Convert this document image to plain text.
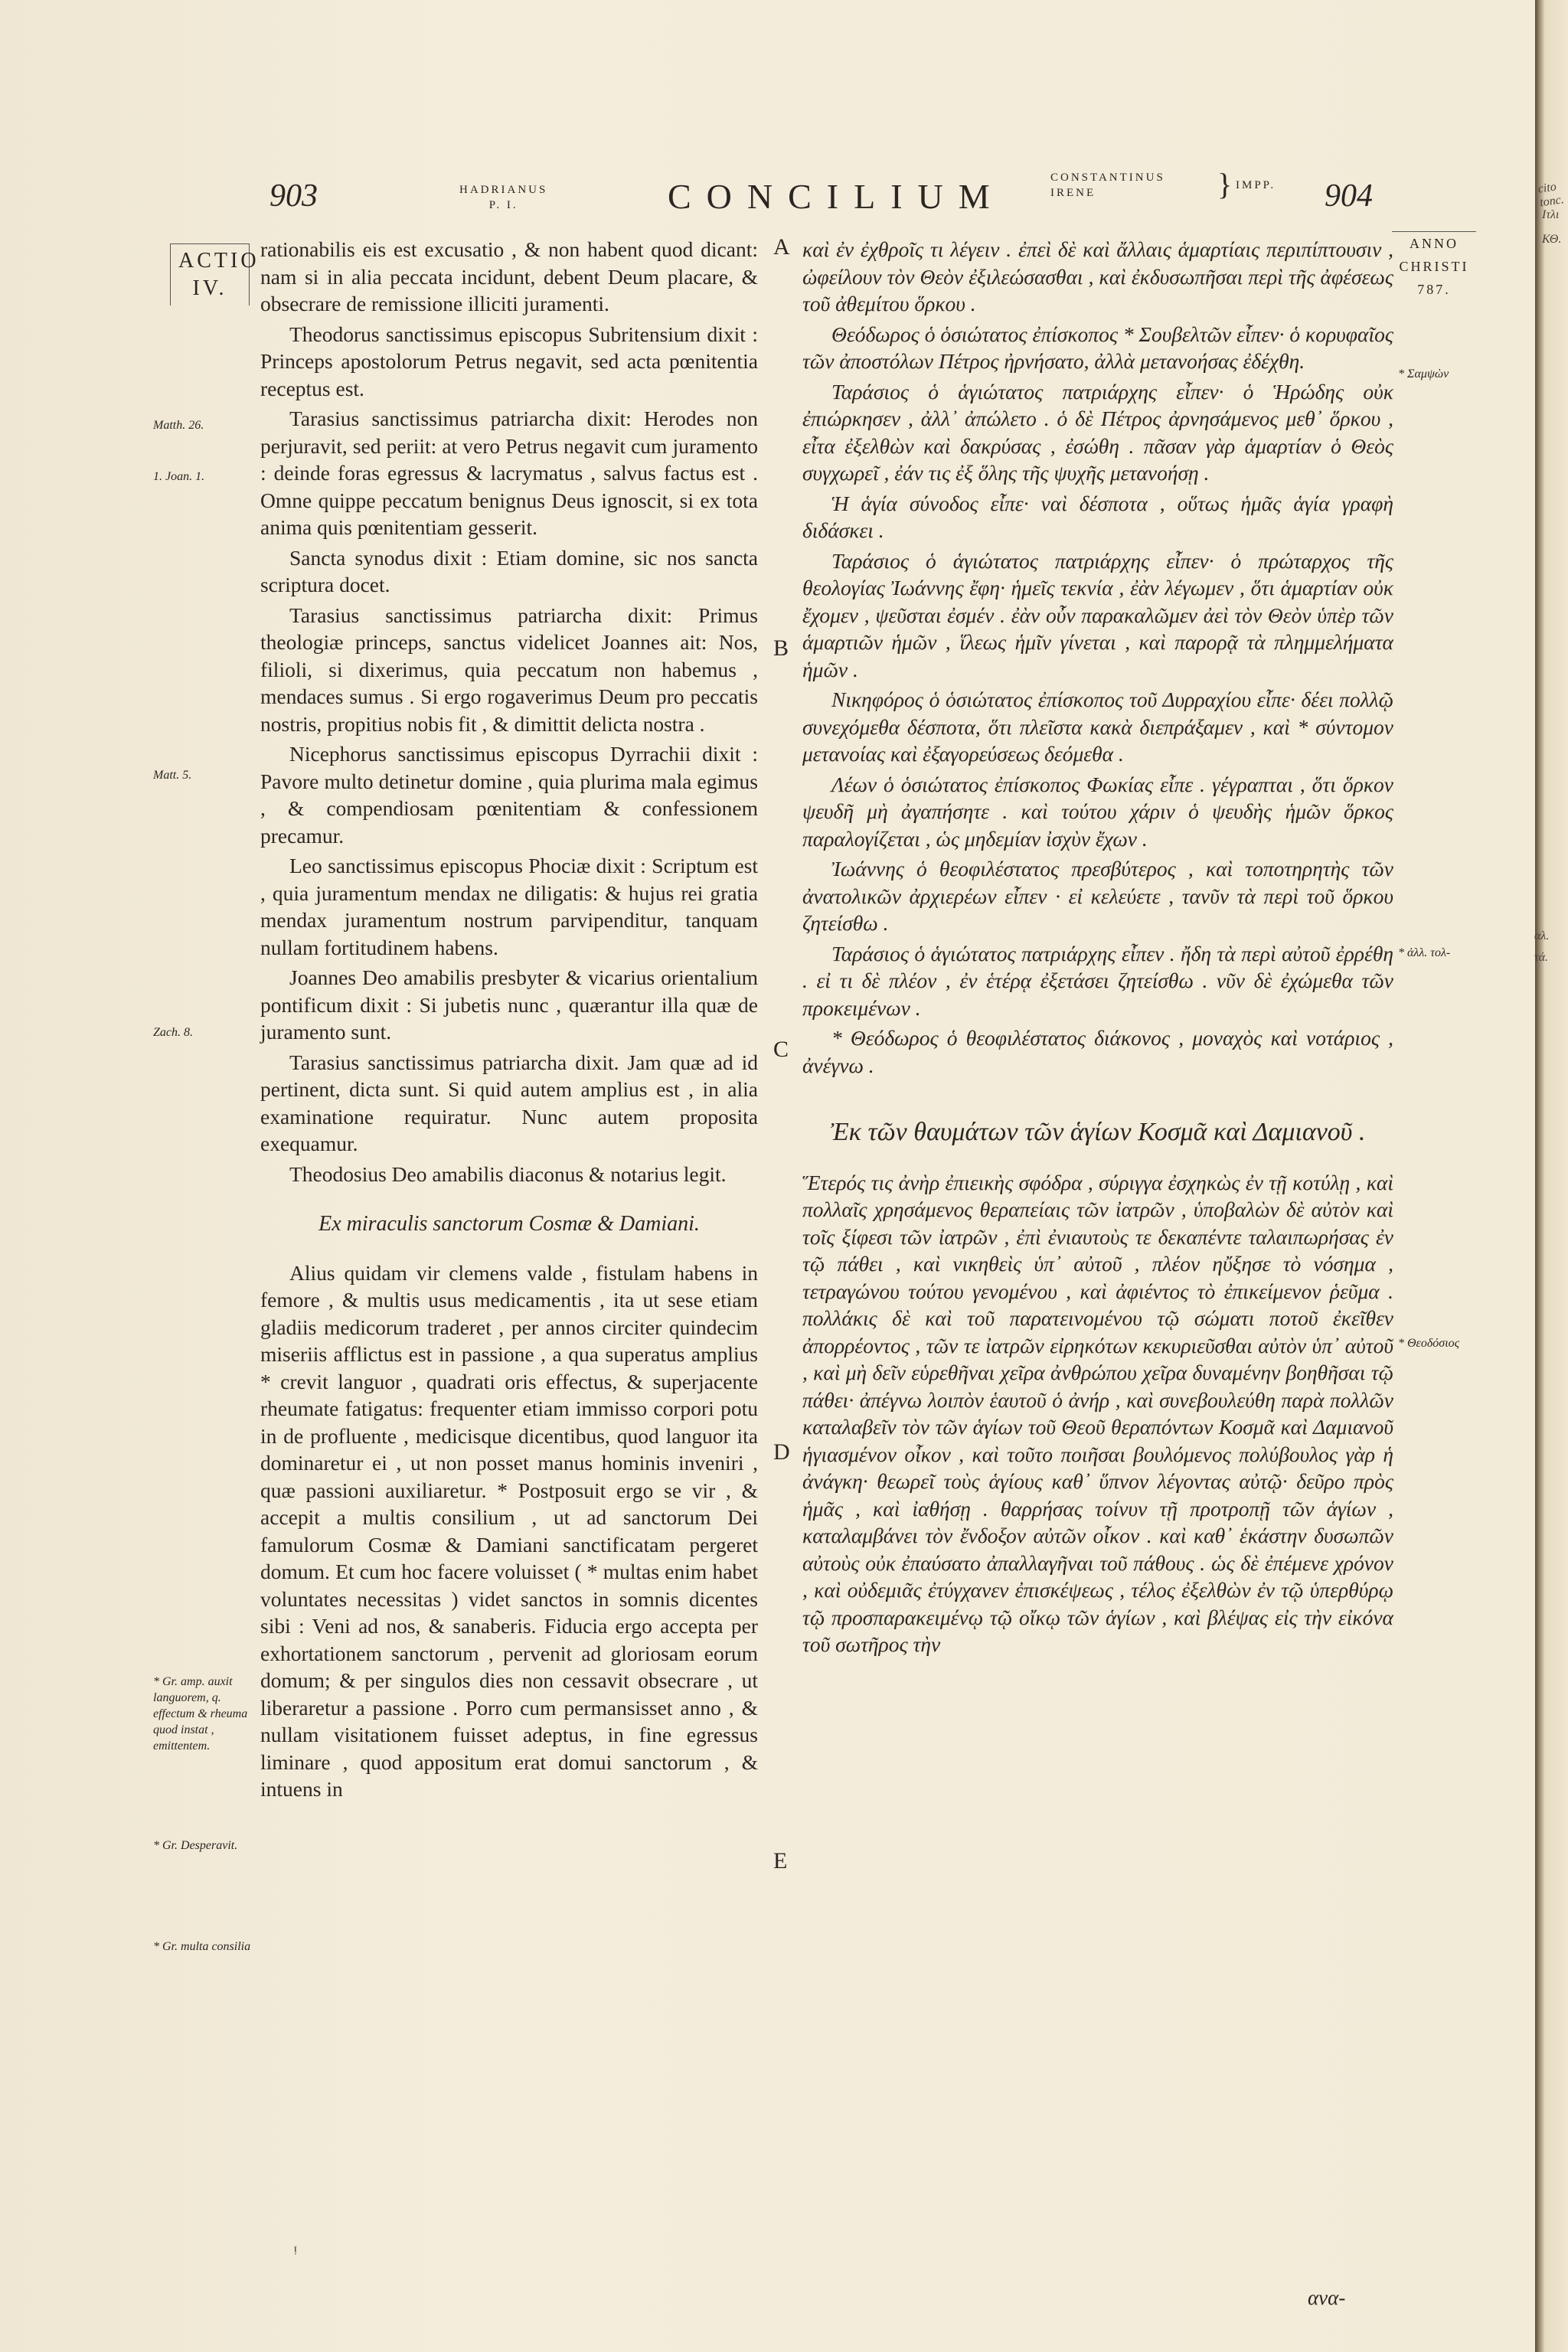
cito tonc.
Ιτλι
ΚΘ.
αλ.
τά.
903	HADRIANUS
P. I.	CONCILIUM	CONSTANTINUS
IRENE	} IMPP. 904
ACTIO
IV.
ANNO
CHRISTI
787.

rationabilis eis est excusatio , & non habent quod dicant: nam si in alia peccata incidunt, debent Deum placare, & obsecrare de remissione illiciti juramenti.

Theodorus sanctissimus episcopus Subritensium dixit : Princeps apostolorum Petrus negavit, sed acta pœnitentia receptus est.

Tarasius sanctissimus patriarcha dixit: Herodes non perjuravit, sed periit: at vero Petrus negavit cum juramento : deinde foras egressus & lacrymatus , salvus factus est . Omne quippe peccatum benignus Deus ignoscit, si ex tota anima quis pœnitentiam gesserit.

Sancta synodus dixit : Etiam domine, sic nos sancta scriptura docet.

Tarasius sanctissimus patriarcha dixit: Primus theologiæ princeps, sanctus videlicet Joannes ait: Nos, filioli, si dixerimus, quia peccatum non habemus , mendaces sumus . Si ergo rogaverimus Deum pro peccatis nostris, propitius nobis fit , & dimittit delicta nostra .

Nicephorus sanctissimus episcopus Dyrrachii dixit : Pavore multo detinetur domine , quia plurima mala egimus , & compendiosam pœnitentiam & confessionem precamur.

Leo sanctissimus episcopus Phociæ dixit : Scriptum est , quia juramentum mendax ne diligatis: & hujus rei gratia mendax juramentum nostrum parvipenditur, tanquam nullam fortitudinem habens.

Joannes Deo amabilis presbyter & vicarius orientalium pontificum dixit : Si jubetis nunc , quærantur illa quæ de juramento sunt.

Tarasius sanctissimus patriarcha dixit. Jam quæ ad id pertinent, dicta sunt. Si quid autem amplius est , in alia examinatione requiratur. Nunc autem proposita exequamur.

Theodosius Deo amabilis diaconus & notarius legit.

Ex miraculis sanctorum Cosmæ & Damiani.

Alius quidam vir clemens valde , fistulam habens in femore , & multis usus medicamentis , ita ut sese etiam gladiis medicorum traderet , per annos circiter quindecim miseriis afflictus est in passione , a qua superatus amplius * crevit languor , quadrati oris effectus, & superjacente rheumate fatigatus: frequenter etiam immisso corpori potu in de profluente , medicisque dicentibus, quod languor ita dominaretur ei , ut non posset manus hominis inveniri , quæ passioni auxiliaretur. * Postposuit ergo se vir , & accepit a multis consilium , ut ad sanctorum Dei famulorum Cosmæ & Damiani sanctificatam pergeret domum. Et cum hoc facere voluisset ( * multas enim habet voluntates necessitas ) videt sanctos in somnis dicentes sibi : Veni ad nos, & sanaberis. Fiducia ergo accepta per exhortationem sanctorum , pervenit ad gloriosam eorum domum; & per singulos dies non cessavit obsecrare , ut liberaretur a passione . Porro cum permansisset anno , & nullam visitationem fuisset adeptus, in fine egressus liminare , quod appositum erat domui sanctorum , & intuens in

καὶ ἐν ἐχθροῖς τι λέγειν . ἐπεὶ δὲ καὶ ἄλλαις ἁμαρτίαις περιπίπτουσιν , ὠφείλουν τὸν Θεὸν ἐξιλεώσασθαι , καὶ ἐκδυσωπῆσαι περὶ τῆς ἀφέσεως τοῦ ἀθεμίτου ὅρκου .

Θεόδωρος ὁ ὁσιώτατος ἐπίσκοπος * Σουβελτῶν εἶπεν· ὁ κορυφαῖος τῶν ἀποστόλων Πέτρος ἠρνήσατο, ἀλλὰ μετανοήσας ἐδέχθη.

Ταράσιος ὁ ἁγιώτατος πατριάρχης εἶπεν· ὁ Ἡρώδης οὐκ ἐπιώρκησεν , ἀλλ᾽ ἀπώλετο . ὁ δὲ Πέτρος ἀρνησάμενος μεθ᾽ ὅρκου , εἶτα ἐξελθὼν καὶ δακρύσας , ἐσώθη . πᾶσαν γὰρ ἁμαρτίαν ὁ Θεὸς συγχωρεῖ , ἐάν τις ἐξ ὅλης τῆς ψυχῆς μετανοήσῃ .

Ἡ ἁγία σύνοδος εἶπε· ναὶ δέσποτα , οὕτως ἡμᾶς ἁγία γραφὴ διδάσκει .

Ταράσιος ὁ ἁγιώτατος πατριάρχης εἶπεν· ὁ πρώταρχος τῆς θεολογίας Ἰωάννης ἔφη· ἡμεῖς τεκνία , ἐὰν λέγωμεν , ὅτι ἁμαρτίαν οὐκ ἔχομεν , ψεῦσται ἐσμέν . ἐὰν οὖν παρακαλῶμεν ἀεὶ τὸν Θεὸν ὑπὲρ τῶν ἁμαρτιῶν ἡμῶν , ἵλεως ἡμῖν γίνεται , καὶ παρορᾷ τὰ πλημμελήματα ἡμῶν .

Νικηφόρος ὁ ὁσιώτατος ἐπίσκοπος τοῦ Δυρραχίου εἶπε· δέει πολλῷ συνεχόμεθα δέσποτα, ὅτι πλεῖστα κακὰ διεπράξαμεν , καὶ * σύντομον μετανοίας καὶ ἐξαγορεύσεως δεόμεθα .

Λέων ὁ ὁσιώτατος ἐπίσκοπος Φωκίας εἶπε . γέγραπται , ὅτι ὅρκον ψευδῆ μὴ ἀγαπήσητε . καὶ τούτου χάριν ὁ ψευδὴς ἡμῶν ὅρκος παραλογίζεται , ὡς μηδεμίαν ἰσχὺν ἔχων .

Ἰωάννης ὁ θεοφιλέστατος πρεσβύτερος , καὶ τοποτηρητὴς τῶν ἀνατολικῶν ἀρχιερέων εἶπεν · εἰ κελεύετε , τανῦν τὰ περὶ τοῦ ὅρκου ζητείσθω .

Ταράσιος ὁ ἁγιώτατος πατριάρχης εἶπεν . ἤδη τὰ περὶ αὐτοῦ ἐρρέθη . εἰ τι δὲ πλέον , ἐν ἑτέρᾳ ἐξετάσει ζητείσθω . νῦν δὲ ἐχώμεθα τῶν προκειμένων .

* Θεόδωρος ὁ θεοφιλέστατος διάκονος , μοναχὸς καὶ νοτάριος , ἀνέγνω .

Ἐκ τῶν θαυμάτων τῶν ἁγίων Κοσμᾶ καὶ Δαμιανοῦ .

Ἕτερός τις ἀνὴρ ἐπιεικὴς σφόδρα , σύριγγα ἐσχηκὼς ἐν τῇ κοτύλῃ , καὶ πολλαῖς χρησάμενος θεραπείαις τῶν ἰατρῶν , ὑποβαλὼν δὲ αὐτὸν καὶ τοῖς ξίφεσι τῶν ἰατρῶν , ἐπὶ ἐνιαυτοὺς τε δεκαπέντε ταλαιπωρήσας ἐν τῷ πάθει , καὶ νικηθεὶς ὑπ᾽ αὐτοῦ , πλέον ηὔξησε τὸ νόσημα , τετραγώνου τούτου γενομένου , καὶ ἀφιέντος τὸ ἐπικείμενον ῥεῦμα . πολλάκις δὲ καὶ τοῦ παρατεινομένου τῷ σώματι ποτοῦ ἐκεῖθεν ἀπορρέοντος , τῶν τε ἰατρῶν εἰρηκότων κεκυριεῦσθαι αὐτὸν ὑπ᾽ αὐτοῦ , καὶ μὴ δεῖν εὑρεθῆναι χεῖρα ἀνθρώπου χεῖρα δυναμένην βοηθῆσαι τῷ πάθει· ἀπέγνω λοιπὸν ἑαυτοῦ ὁ ἀνήρ , καὶ συνεβουλεύθη παρὰ πολλῶν καταλαβεῖν τὸν τῶν ἁγίων τοῦ Θεοῦ θεραπόντων Κοσμᾶ καὶ Δαμιανοῦ ἡγιασμένον οἶκον , καὶ τοῦτο ποιῆσαι βουλόμενος πολύβουλος γὰρ ἡ ἀνάγκη· θεωρεῖ τοὺς ἁγίους καθ᾽ ὕπνον λέγοντας αὐτῷ· δεῦρο πρὸς ἡμᾶς , καὶ ἰαθήσῃ . θαρρήσας τοίνυν τῇ προτροπῇ τῶν ἁγίων , καταλαμβάνει τὸν ἔνδοξον αὐτῶν οἶκον . καὶ καθ᾽ ἑκάστην δυσωπῶν αὐτοὺς οὐκ ἐπαύσατο ἀπαλλαγῆναι τοῦ πάθους . ὡς δὲ ἐπέμενε χρόνον , καὶ οὐδεμιᾶς ἐτύγχανεν ἐπισκέψεως , τέλος ἐξελθὼν ἐν τῷ ὑπερθύρῳ τῷ προσπαρακειμένῳ τῷ οἴκῳ τῶν ἁγίων , καὶ βλέψας εἰς τὴν εἰκόνα τοῦ σωτῆρος τὴν

Matth. 26.
1. Joan. 1.
Matt. 5.
Zach. 8.
* Gr. amp. auxit languorem, q. effectum & rheuma quod instat , emittentem.
* Gr. Desperavit.
* Gr. multa consilia
* Σαμψὼν
* ἀλλ. τολ-
* Θεοδόσιος
A
B
C
D
E
ᵎ
ανα-
